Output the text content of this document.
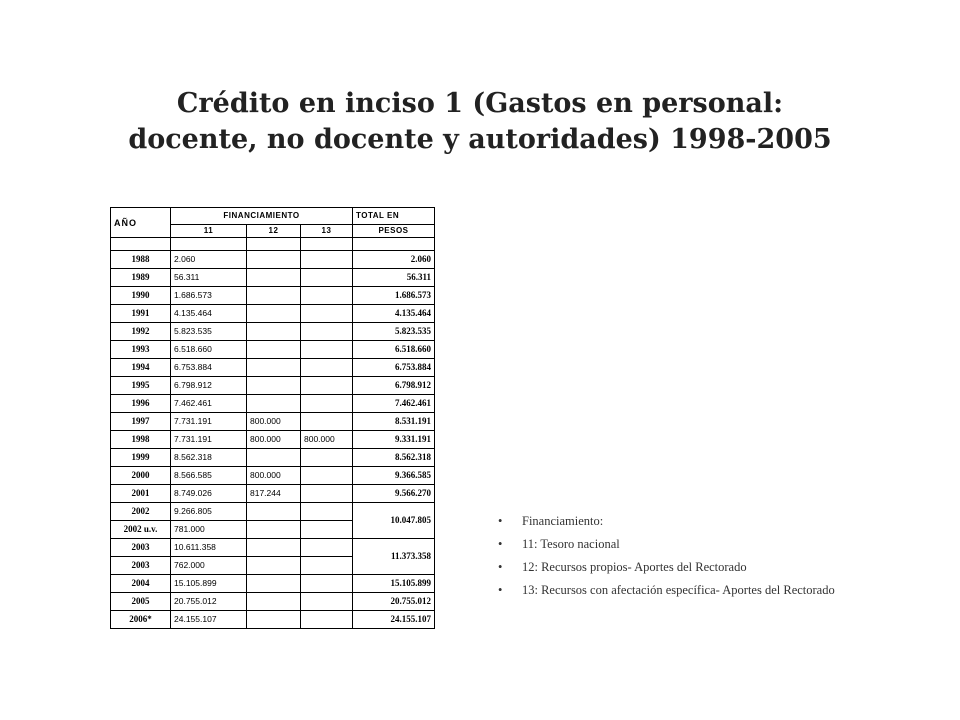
Crédito en inciso 1 (Gastos en personal:
docente, no docente y autoridades) 1998-2005
AÑO	FINANCIAMIENTO			TOTAL EN
	11	12	13	PESOS

1988	2.060			2.060
1989	56.311			56.311
1990	1.686.573			1.686.573
1991	4.135.464			4.135.464
1992	5.823.535			5.823.535
1993	6.518.660			6.518.660
1994	6.753.884			6.753.884
1995	6.798.912			6.798.912
1996	7.462.461			7.462.461
1997	7.731.191	800.000		8.531.191
1998	7.731.191	800.000	800.000	9.331.191
1999	8.562.318			8.562.318
2000	8.566.585	800.000		9.366.585
2001	8.749.026	817.244		9.566.270
2002	9.266.805			10.047.805
2002 u.v.	781.000			
2003	10.611.358			11.373.358
2003	762.000			
2004	15.105.899			15.105.899
2005	20.755.012			20.755.012
2006*	24.155.107			24.155.107
• Financiamiento:
• 11: Tesoro nacional
• 12: Recursos propios- Aportes del Rectorado
• 13: Recursos con afectación específica- Aportes del Rectorado
